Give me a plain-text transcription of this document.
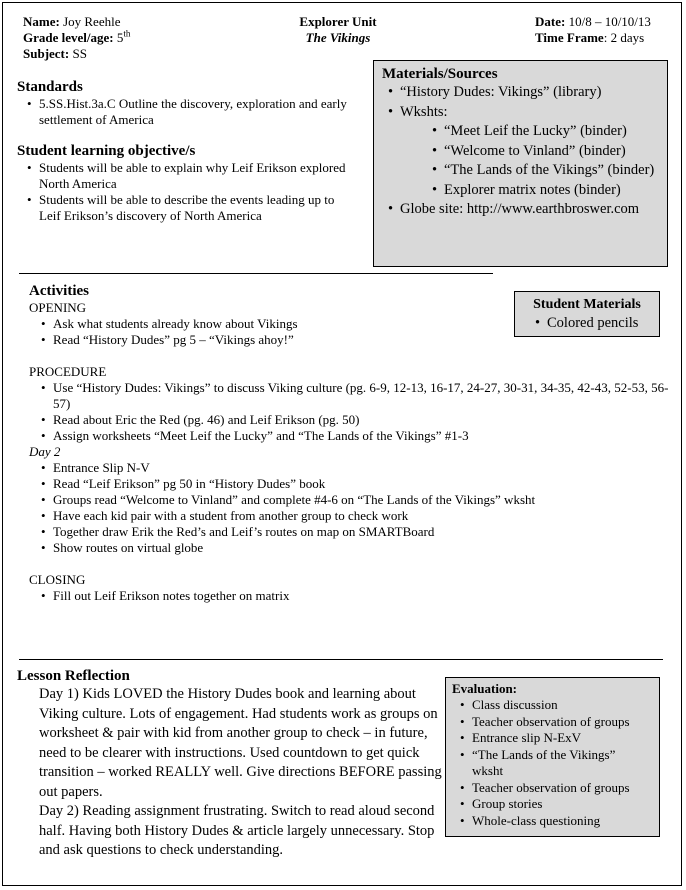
Name: Joy Reehle
Grade level/age: 5th
Subject: SS
Explorer Unit
The Vikings
Date: 10/8 – 10/10/13
Time Frame: 2 days
Standards
• 5.SS.Hist.3a.C Outline the discovery, exploration and early settlement of America
Student learning objective/s
• Students will be able to explain why Leif Erikson explored North America
• Students will be able to describe the events leading up to Leif Erikson’s discovery of North America
Materials/Sources
• “History Dudes: Vikings” (library)
• Wkshts:
• “Meet Leif the Lucky” (binder)
• “Welcome to Vinland” (binder)
• “The Lands of the Vikings” (binder)
• Explorer matrix notes (binder)
• Globe site: http://www.earthbroswer.com
Activities
OPENING
• Ask what students already know about Vikings
• Read “History Dudes” pg 5 – “Vikings ahoy!”
PROCEDURE
• Use “History Dudes: Vikings” to discuss Viking culture (pg. 6-9, 12-13, 16-17, 24-27, 30-31, 34-35, 42-43, 52-53, 56-57)
• Read about Eric the Red (pg. 46) and Leif Erikson (pg. 50)
• Assign worksheets “Meet Leif the Lucky” and “The Lands of the Vikings” #1-3
Day 2
• Entrance Slip N-V
• Read “Leif Erikson” pg 50 in “History Dudes” book
• Groups read “Welcome to Vinland” and complete #4-6 on “The Lands of the Vikings” wksht
• Have each kid pair with a student from another group to check work
• Together draw Erik the Red’s and Leif’s routes on map on SMARTBoard
• Show routes on virtual globe
CLOSING
• Fill out Leif Erikson notes together on matrix
Student Materials
• Colored pencils
Lesson Reflection
Day 1) Kids LOVED the History Dudes book and learning about Viking culture. Lots of engagement. Had students work as groups on worksheet & pair with kid from another group to check – in future, need to be clearer with instructions. Used countdown to get quick transition – worked REALLY well. Give directions BEFORE passing out papers.
Day 2) Reading assignment frustrating. Switch to read aloud second half. Having both History Dudes & article largely unnecessary. Stop and ask questions to check understanding.
Evaluation:
• Class discussion
• Teacher observation of groups
• Entrance slip N-ExV
• “The Lands of the Vikings” wksht
• Teacher observation of groups
• Group stories
• Whole-class questioning
